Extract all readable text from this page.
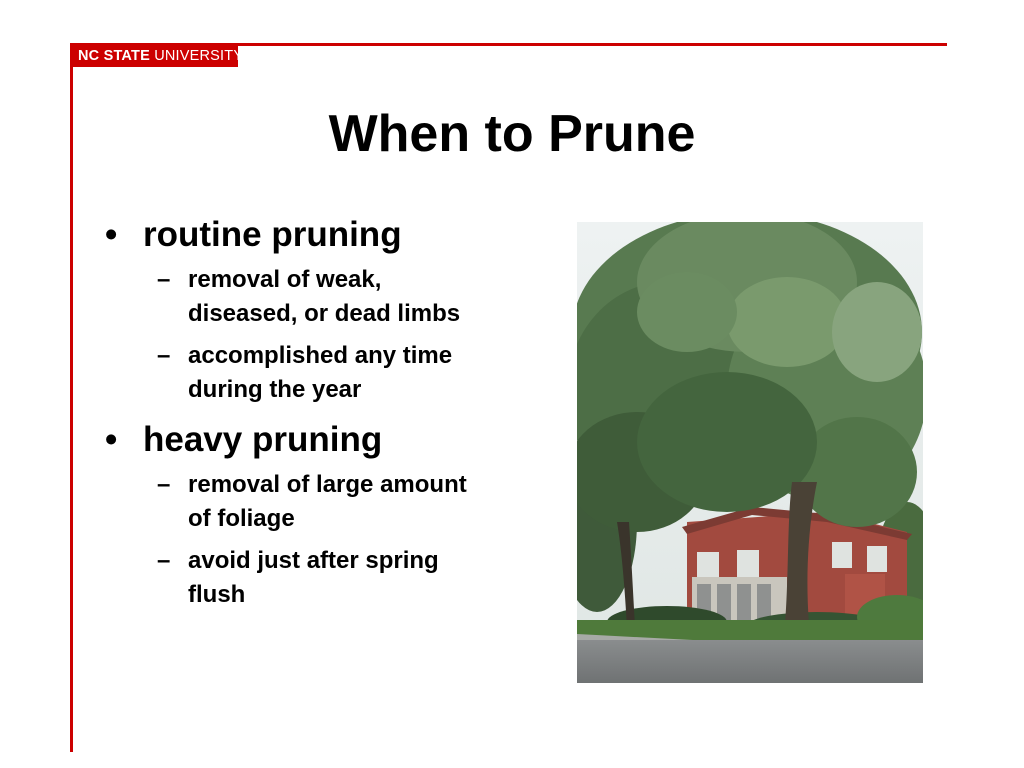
NC STATE UNIVERSITY
When to Prune

• routine pruning

– removal of weak, diseased, or dead limbs

– accomplished any time during the year

• heavy pruning

– removal of large amount of foliage

– avoid just after spring flush
